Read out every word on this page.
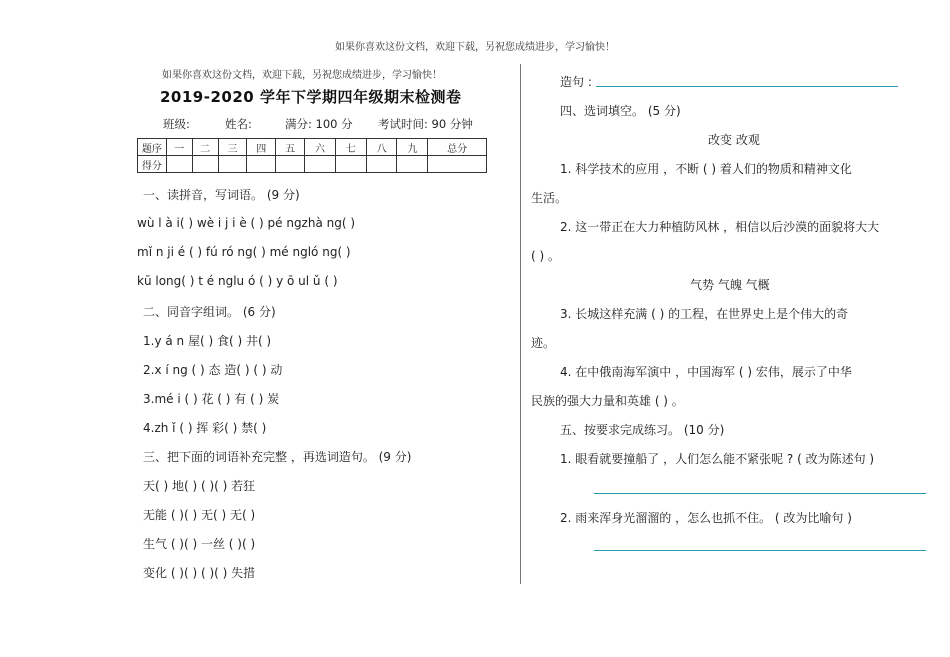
如果你喜欢这份文档，欢迎下载，另祝您成绩进步，学习愉快！
如果你喜欢这份文档，欢迎下载，另祝您成绩进步，学习愉快！
2019-2020 学年下学期四年级期末检测卷
班级:	姓名:	满分: 100 分 考试时间: 90 分钟
题序	一	二	三	四	五	六	七	八	九	总分
得分										
一、读拼音，写词语。 (9 分)
wù l à i( ) wè i j i è ( ) pé ngzhà ng( )
mǐ n ji é ( ) fú ró ng( ) mé ngló ng( )
kū long( ) t é nglu ó ( ) y ō ul ǔ ( )
二、同音字组词。 (6 分)
1.y á n 屋( ) 食( ) 井( )
2.x í ng ( ) 态 造( ) ( ) 动
3.mé i ( ) 花 ( ) 有 ( ) 炭
4.zh ǐ ( ) 挥 彩( ) 禁( )
三、把下面的词语补充完整 ，再选词造句。 (9 分)
天( ) 地( ) ( )( ) 若狂
无能 ( )( ) 无( ) 无( )
生气 ( )( ) 一丝 ( )( )
变化 ( )( ) ( )( ) 失措
造句 :
四、选词填空。 (5 分)
改变 改观
1. 科学技术的应用 ，不断 ( ) 着人们的物质和精神文化
生活。
2. 这一带正在大力种植防风林 ，相信以后沙漠的面貌将大大
( ) 。
气势 气魄 气概
3. 长城这样充满 ( ) 的工程，在世界史上是个伟大的奇
迹。
4. 在中俄南海军演中 ，中国海军 ( ) 宏伟，展示了中华
民族的强大力量和英雄 ( ) 。
五、按要求完成练习。 (10 分)
1. 眼看就要撞船了 ，人们怎么能不紧张呢 ? ( 改为陈述句 )
2. 雨来浑身光溜溜的 ，怎么也抓不住。 ( 改为比喻句 )
